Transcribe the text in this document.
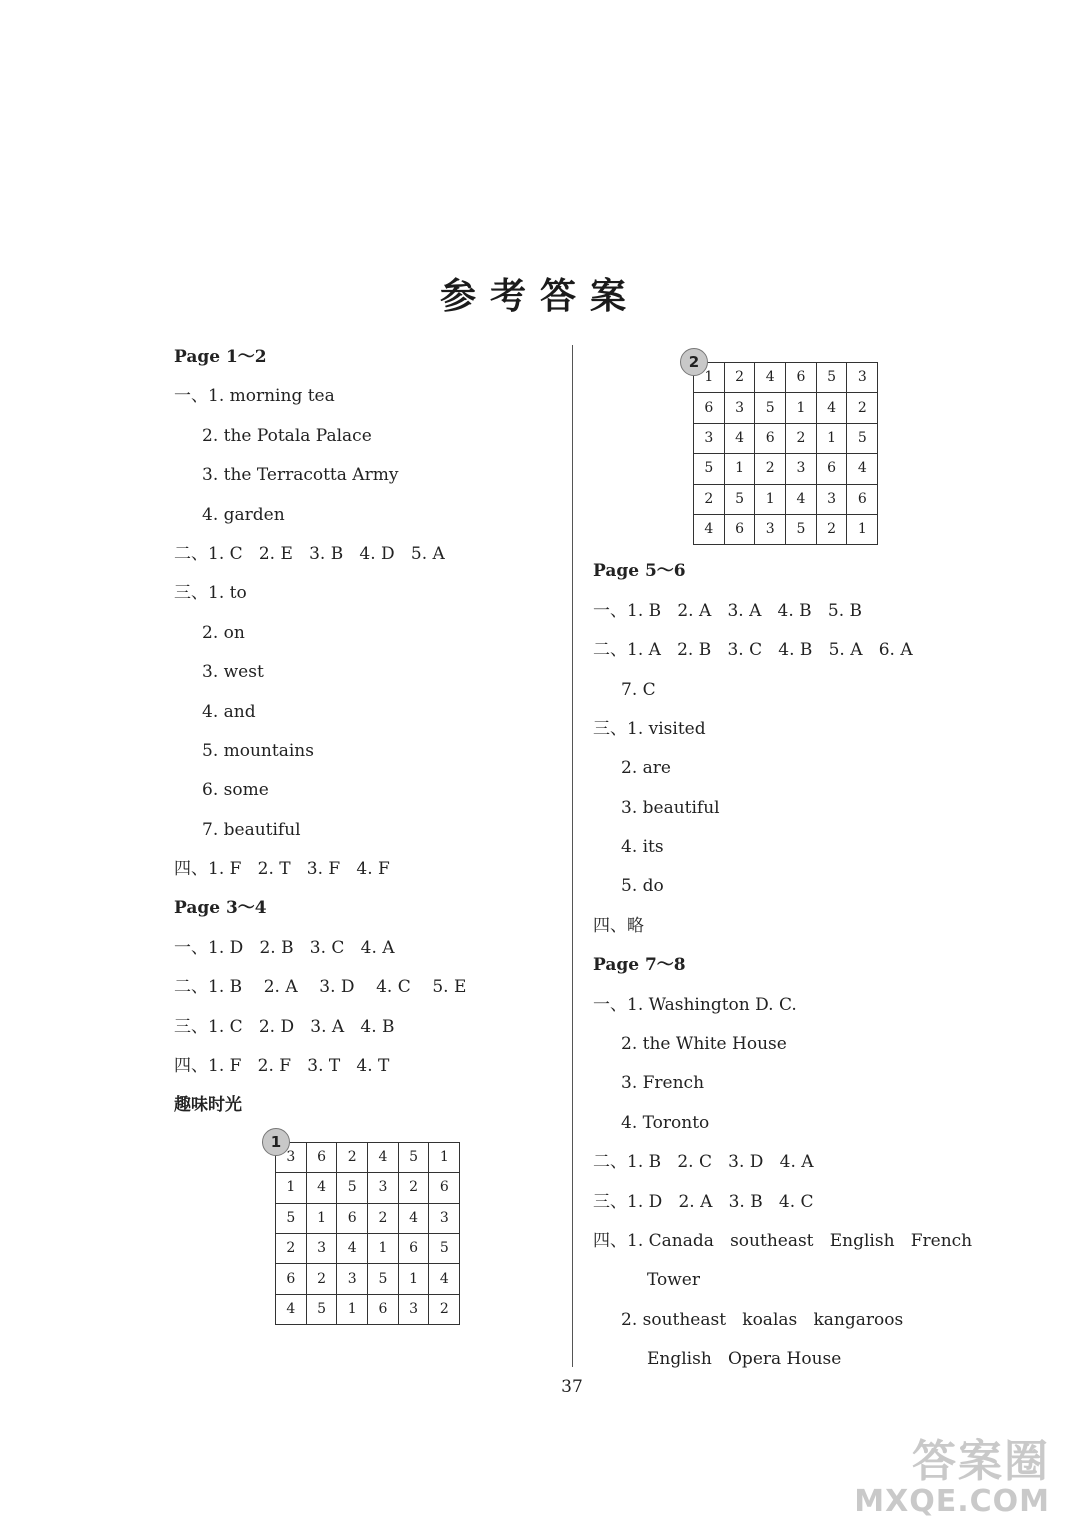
参考答案
Page 1～2
一、1. morning tea
2. the Potala Palace
3. the Terracotta Army
4. garden
二、1. C   2. E   3. B   4. D   5. A
三、1. to
2. on
3. west
4. and
5. mountains
6. some
7. beautiful
四、1. F   2. T   3. F   4. F
Page 3～4
一、1. D   2. B   3. C   4. A
二、1. B    2. A    3. D    4. C    5. E
三、1. C   2. D   3. A   4. B
四、1. F   2. F   3. T   4. T
趣味时光
1
3	6	2	4	5	1
1	4	5	3	2	6
5	1	6	2	4	3
2	3	4	1	6	5
6	2	3	5	1	4
4	5	1	6	3	2
2
1	2	4	6	5	3
6	3	5	1	4	2
3	4	6	2	1	5
5	1	2	3	6	4
2	5	1	4	3	6
4	6	3	5	2	1
Page 5～6
一、1. B   2. A   3. A   4. B   5. B
二、1. A   2. B   3. C   4. B   5. A   6. A
7. C
三、1. visited
2. are
3. beautiful
4. its
5. do
四、略
Page 7～8
一、1. Washington D. C.
2. the White House
3. French
4. Toronto
二、1. B   2. C   3. D   4. A
三、1. D   2. A   3. B   4. C
四、1. Canada   southeast   English   French
Tower
2. southeast   koalas   kangaroos
English   Opera House
37
答案圈
MXQE.COM
